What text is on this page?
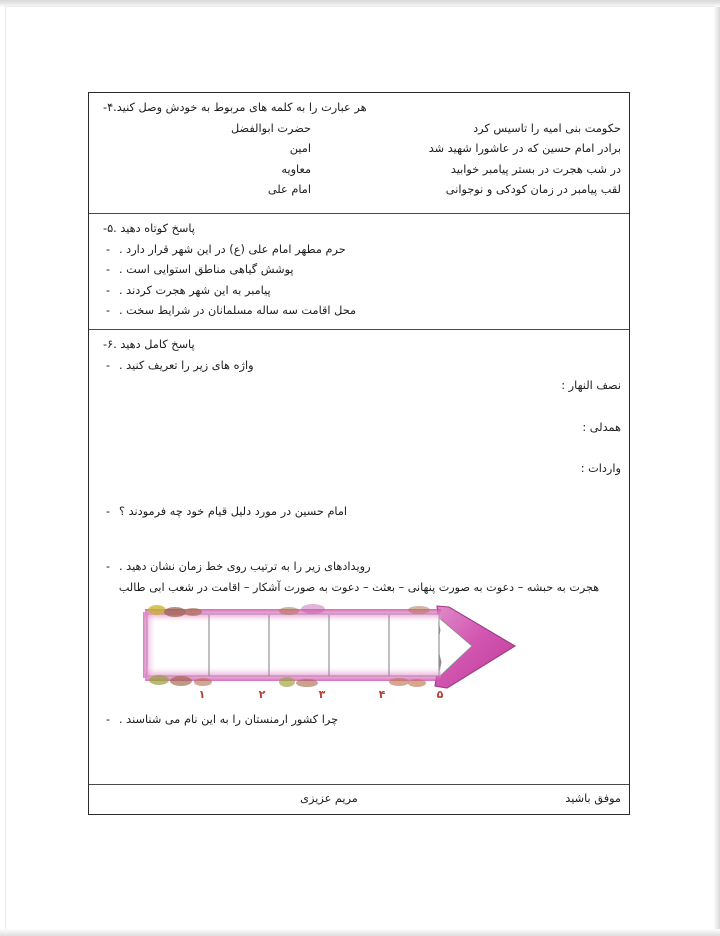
۴- هر عبارت را به کلمه های مربوط به خودش وصل کنید.
حکومت بنی امیه را تاسیس کرد
حضرت ابوالفضل
برادر امام حسین که در عاشورا شهید شد
امین
در شب هجرت در بستر پیامبر خوابید
معاویه
لقب پیامبر در زمان کودکی و نوجوانی
امام علی
۵- پاسخ کوتاه دهید .
- حرم مطهر امام علی (ع) در این شهر قرار دارد .
- پوشش گیاهی مناطق استوایی است .
- پیامبر به این شهر هجرت کردند .
- محل اقامت سه ساله مسلمانان در شرایط سخت .
۶- پاسخ کامل دهید .
- واژه های زیر را تعریف کنید .
نصف النهار :
همدلی :
واردات :
- امام حسین در مورد دلیل قیام خود چه فرمودند ؟
- رویدادهای زیر را به ترتیب روی خط زمان نشان دهید .
هجرت به حبشه – دعوت به صورت پنهانی – بعثت – دعوت به صورت آشکار – اقامت در شعب ابی طالب
۱	۲	۳	۴	۵
- چرا کشور ارمنستان را به این نام می شناسند .
موفق باشید
مریم عزیزی
